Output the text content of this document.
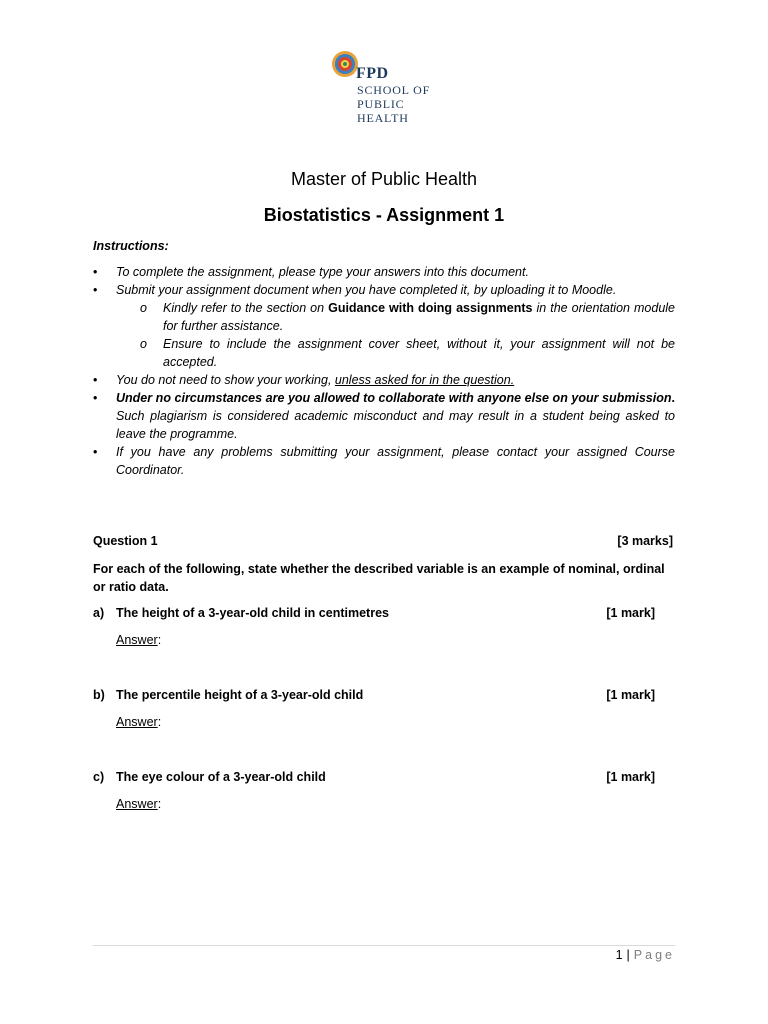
FPD
SCHOOL OF
PUBLIC
HEALTH
Master of Public Health
Biostatistics - Assignment 1
Instructions:
• To complete the assignment, please type your answers into this document.
• Submit your assignment document when you have completed it, by uploading it to Moodle.
o Kindly refer to the section on Guidance with doing assignments in the orientation module for further assistance.
o Ensure to include the assignment cover sheet, without it, your assignment will not be accepted.
• You do not need to show your working, unless asked for in the question.
• Under no circumstances are you allowed to collaborate with anyone else on your submission. Such plagiarism is considered academic misconduct and may result in a student being asked to leave the programme.
• If you have any problems submitting your assignment, please contact your assigned Course Coordinator.
Question 1	[3 marks]
For each of the following, state whether the described variable is an example of nominal, ordinal or ratio data.
a) The height of a 3-year-old child in centimetres	[1 mark]
Answer:
b) The percentile height of a 3-year-old child	[1 mark]
Answer:
c) The eye colour of a 3-year-old child	[1 mark]
Answer:
1 | Page
